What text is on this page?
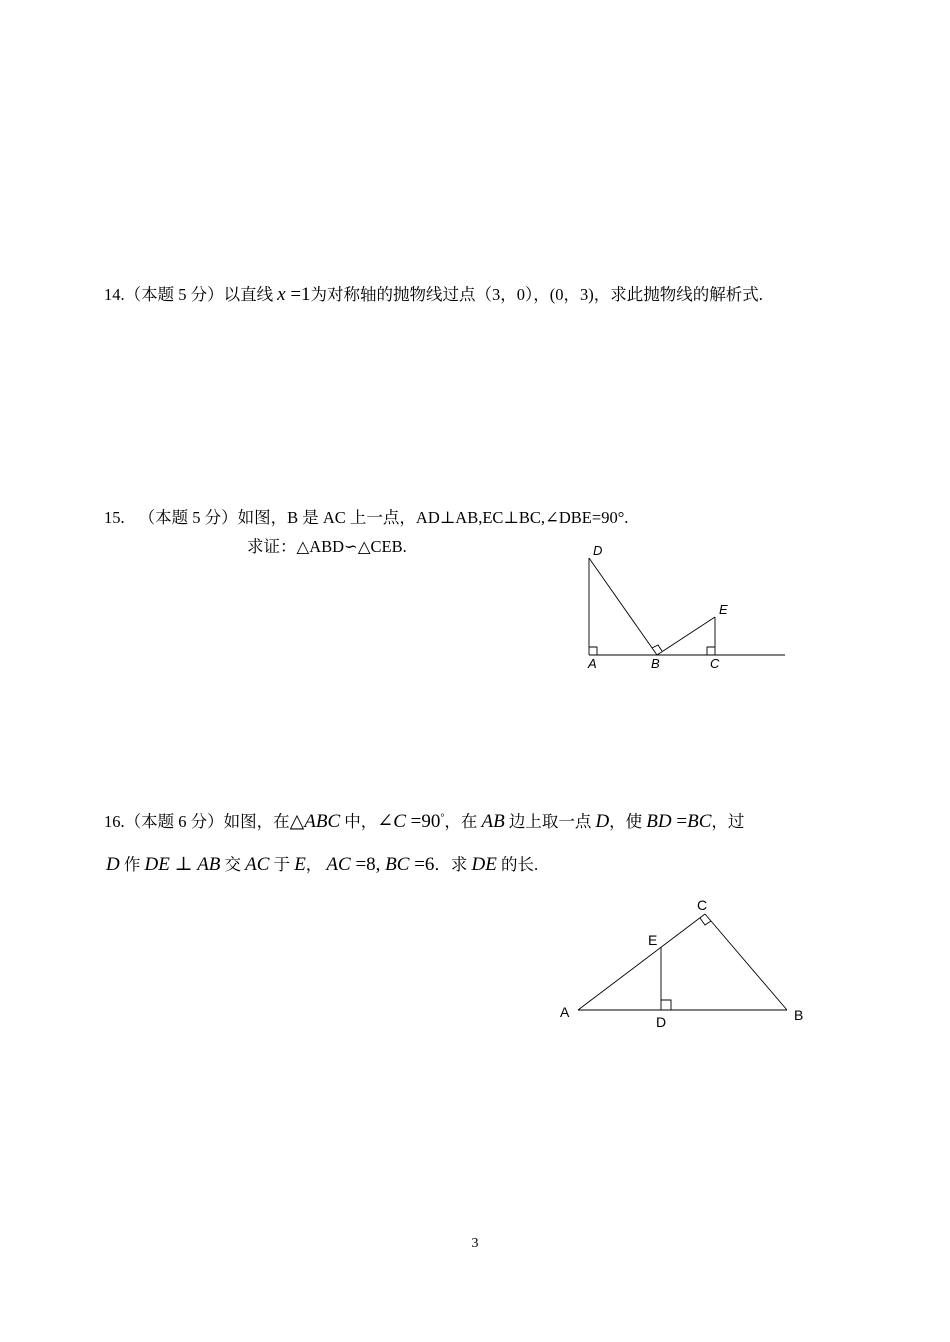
14.（本题 5 分）以直线 x =1为对称轴的抛物线过点（3，0），(0，3)，求此抛物线的解析式.
15. （本题 5 分）如图，B 是 AC 上一点，AD⊥AB,EC⊥BC,∠DBE=90°.
求证：△ABD∽△CEB.	D
E
A	B	C
16.（本题 6 分）如图，在△ABC 中，∠C =90°，在 AB 边上取一点 D，使 BD =BC，过
D 作 DE ⊥ AB 交 AC 于 E， AC =8, BC =6．求 DE 的长.
C
E
A
D	B
3
